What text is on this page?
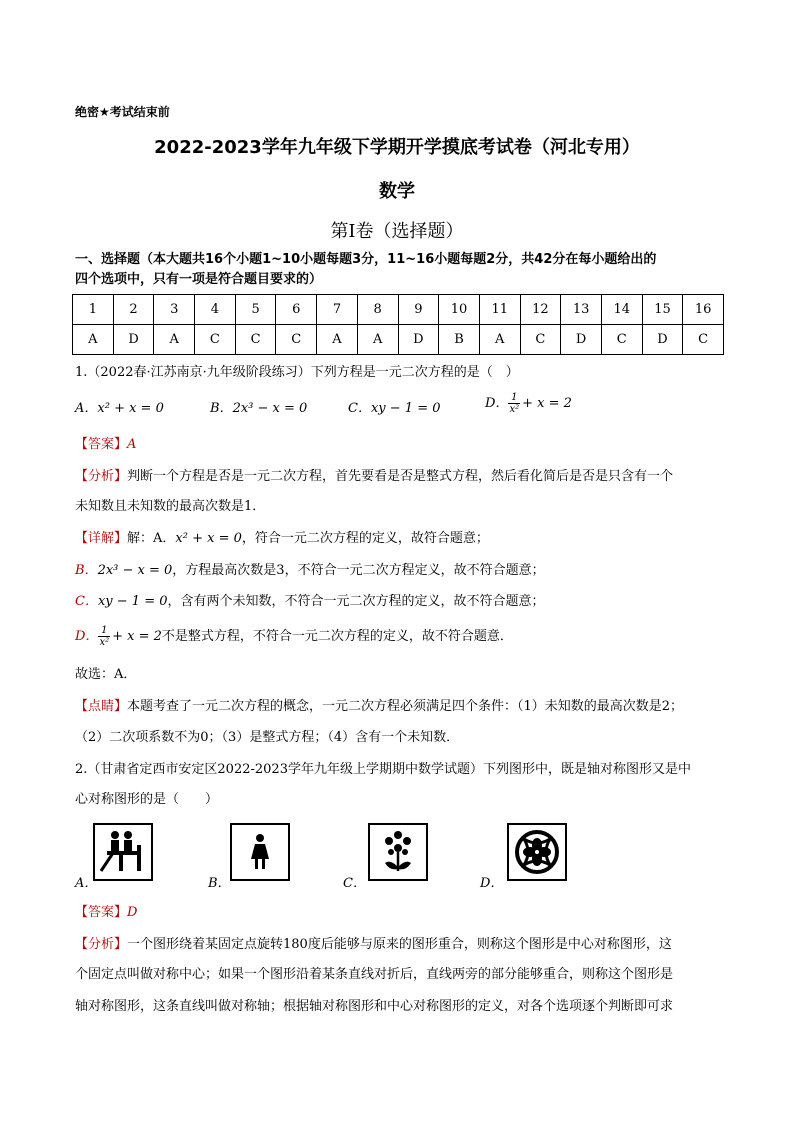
绝密★考试结束前
2022-2023学年九年级下学期开学摸底考试卷（河北专用）
数学
第Ⅰ卷（选择题）
一、选择题（本大题共16个小题1~10小题每题3分，11~16小题每题2分，共42分在每小题给出的
四个选项中，只有一项是符合题目要求的）
1	2	3	4	5	6	7	8	9	10	11	12	13	14	15	16
A	D	A	C	C	C	A	A	D	B	A	C	D	C	D	C
1.（2022春·江苏南京·九年级阶段练习）下列方程是一元二次方程的是（　）
A．x² + x = 0	B．2x³ − x = 0	C．xy − 1 = 0	D． $\frac{1}{\text{x²}} + x = 2$
【答案】A
【分析】判断一个方程是否是一元二次方程，首先要看是否是整式方程，然后看化简后是否是只含有一个
未知数且未知数的最高次数是1．
【详解】解：A．x² + x = 0，符合一元二次方程的定义，故符合题意；
B．2x³ − x = 0，方程最高次数是3，不符合一元二次方程定义，故不符合题意；
C．xy − 1 = 0，含有两个未知数，不符合一元二次方程的定义，故不符合题意；
D． $\frac{1}{\text{x²}} + x = 2$不是整式方程，不符合一元二次方程的定义，故不符合题意．
故选：A．
【点睛】本题考查了一元二次方程的概念，一元二次方程必须满足四个条件：（1）未知数的最高次数是2；
（2）二次项系数不为0；（3）是整式方程；（4）含有一个未知数．
2.（甘肃省定西市安定区2022-2023学年九年级上学期期中数学试题）下列图形中，既是轴对称图形又是中
心对称图形的是（　　）
A．	B．	C．	D．
【答案】D
【分析】一个图形绕着某固定点旋转180度后能够与原来的图形重合，则称这个图形是中心对称图形，这
个固定点叫做对称中心；如果一个图形沿着某条直线对折后，直线两旁的部分能够重合，则称这个图形是
轴对称图形，这条直线叫做对称轴；根据轴对称图形和中心对称图形的定义，对各个选项逐个判断即可求
